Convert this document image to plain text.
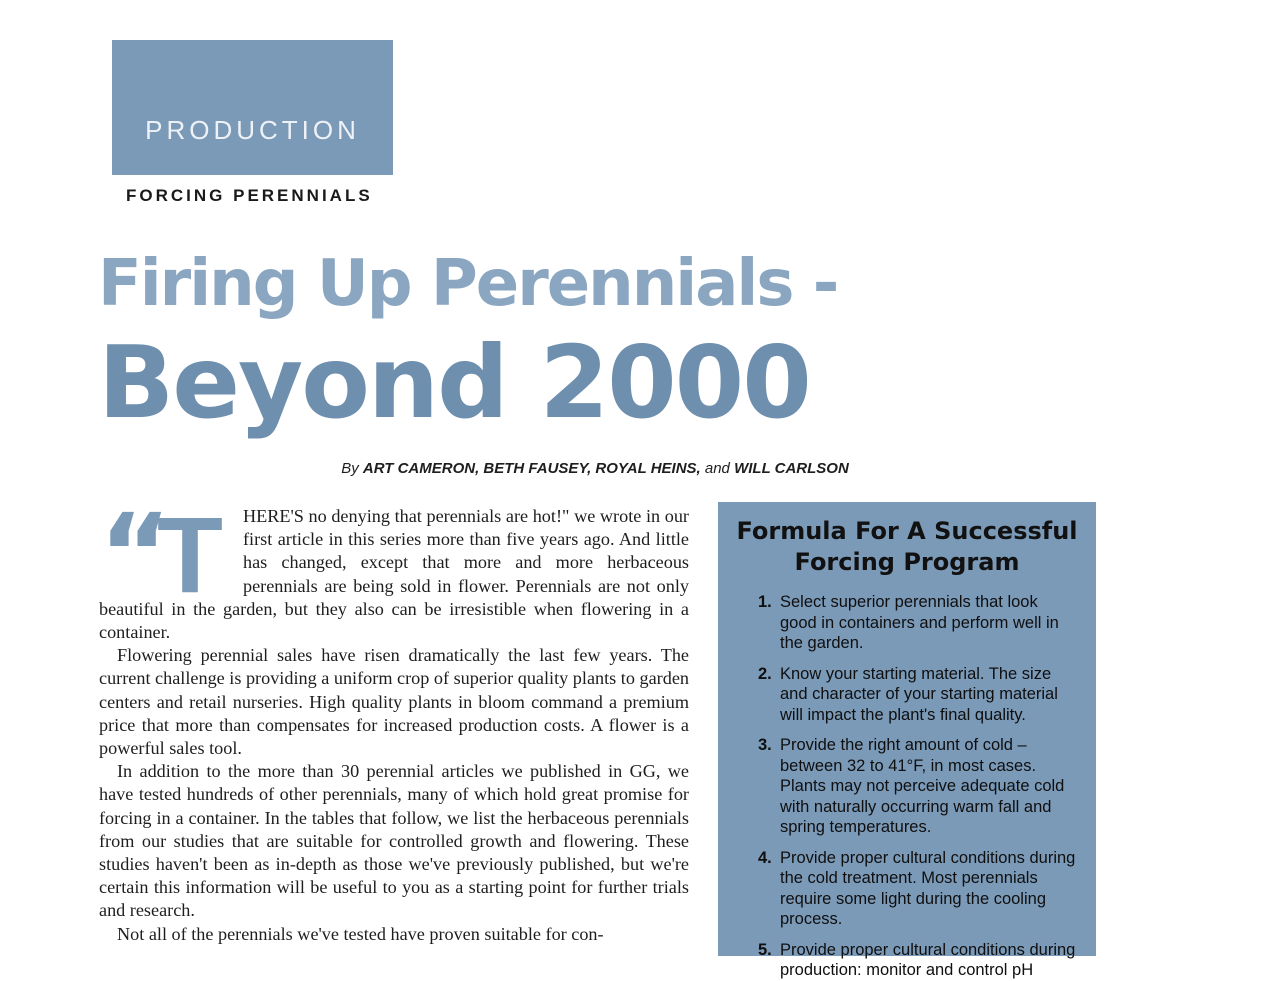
PRODUCTION
FORCING PERENNIALS
Firing Up Perennials -
Beyond 2000
By ART CAMERON, BETH FAUSEY, ROYAL HEINS, and WILL CARLSON
“
T	HERE'S no denying that perennials are hot!" we wrote in our first article in this series more than five years ago. And little has changed, except that more and more herbaceous perennials are being sold in flower. Perennials are not only beautiful in the garden, but they also can be irresistible when flowering in a container.

Flowering perennial sales have risen dramatically the last few years. The current challenge is providing a uniform crop of superior quality plants to garden centers and retail nurseries. High quality plants in bloom command a premium price that more than compensates for increased production costs. A flower is a powerful sales tool.

In addition to the more than 30 perennial articles we published in GG, we have tested hundreds of other perennials, many of which hold great promise for forcing in a container. In the tables that follow, we list the herbaceous perennials from our studies that are suitable for controlled growth and flowering. These studies haven't been as in-depth as those we've previously published, but we're certain this information will be useful to you as a starting point for further trials and research.

Not all of the perennials we've tested have proven suitable for con-

Formula For A Successful
Forcing Program
1. Select superior perennials that look good in containers and perform well in the garden.
2. Know your starting material. The size and character of your starting material will impact the plant's final quality.
3. Provide the right amount of cold – between 32 to 41°F, in most cases. Plants may not perceive adequate cold with naturally occurring warm fall and spring temperatures.
4. Provide proper cultural conditions during the cold treatment. Most perennials require some light during the cooling process.
5. Provide proper cultural conditions during production: monitor and control pH
